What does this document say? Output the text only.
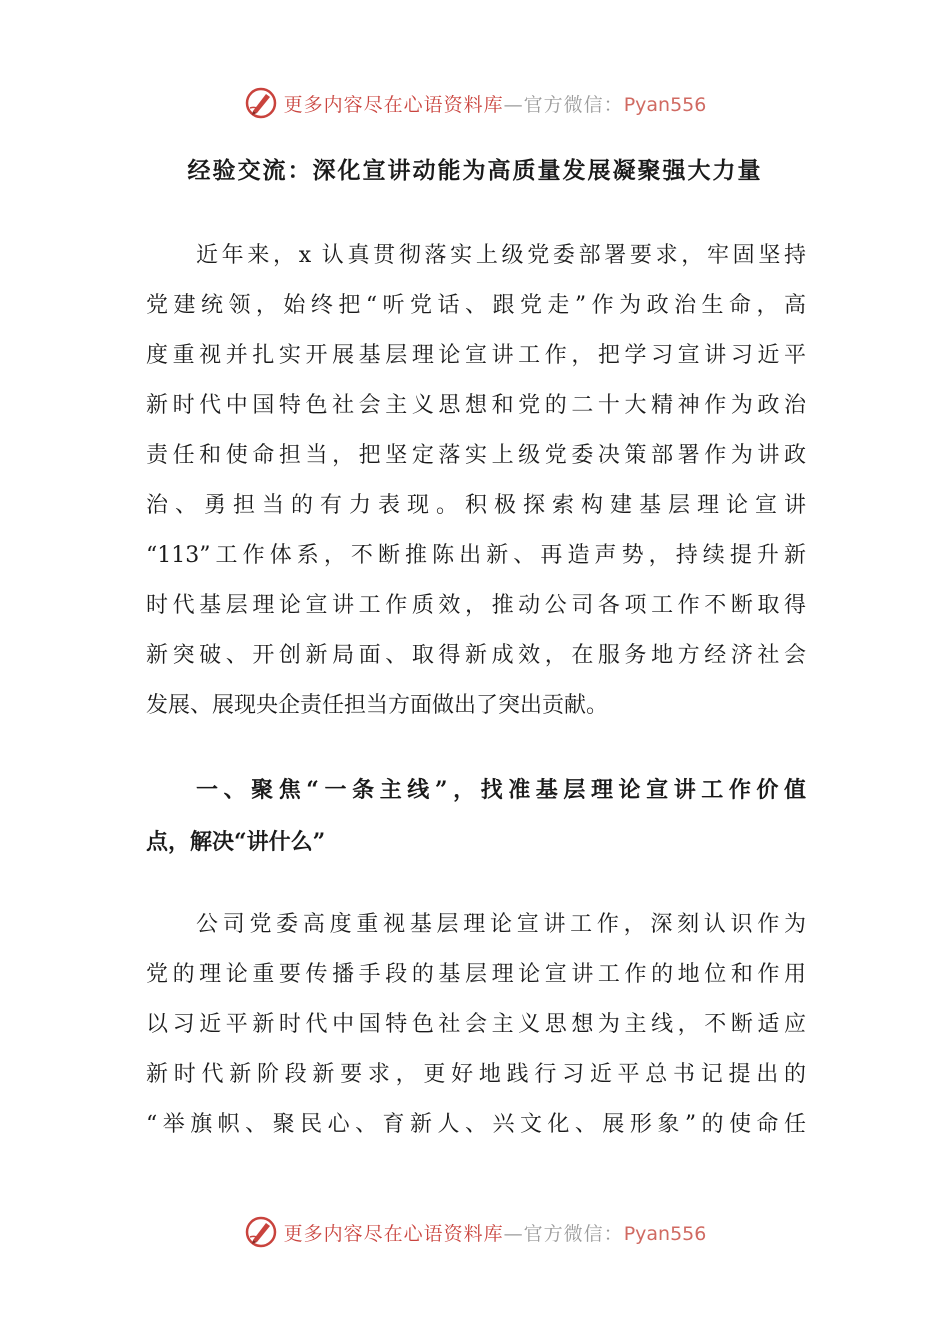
更多内容尽在心语资料库—官方微信：Pyan556
经验交流：深化宣讲动能为高质量发展凝聚强大力量
近年来，x 认真贯彻落实上级党委部署要求，牢固坚持
党建统领，始终把“听党话、跟党走”作为政治生命，高
度重视并扎实开展基层理论宣讲工作，把学习宣讲习近平
新时代中国特色社会主义思想和党的二十大精神作为政治
责任和使命担当，把坚定落实上级党委决策部署作为讲政
治、勇担当的有力表现。积极探索构建基层理论宣讲
“113”工作体系，不断推陈出新、再造声势，持续提升新
时代基层理论宣讲工作质效，推动公司各项工作不断取得
新突破、开创新局面、取得新成效，在服务地方经济社会
发展、展现央企责任担当方面做出了突出贡献。
一、聚焦“一条主线”，找准基层理论宣讲工作价值
点，解决“讲什么”
公司党委高度重视基层理论宣讲工作，深刻认识作为
党的理论重要传播手段的基层理论宣讲工作的地位和作用
以习近平新时代中国特色社会主义思想为主线，不断适应
新时代新阶段新要求，更好地践行习近平总书记提出的
“举旗帜、聚民心、育新人、兴文化、展形象”的使命任
更多内容尽在心语资料库—官方微信：Pyan556
